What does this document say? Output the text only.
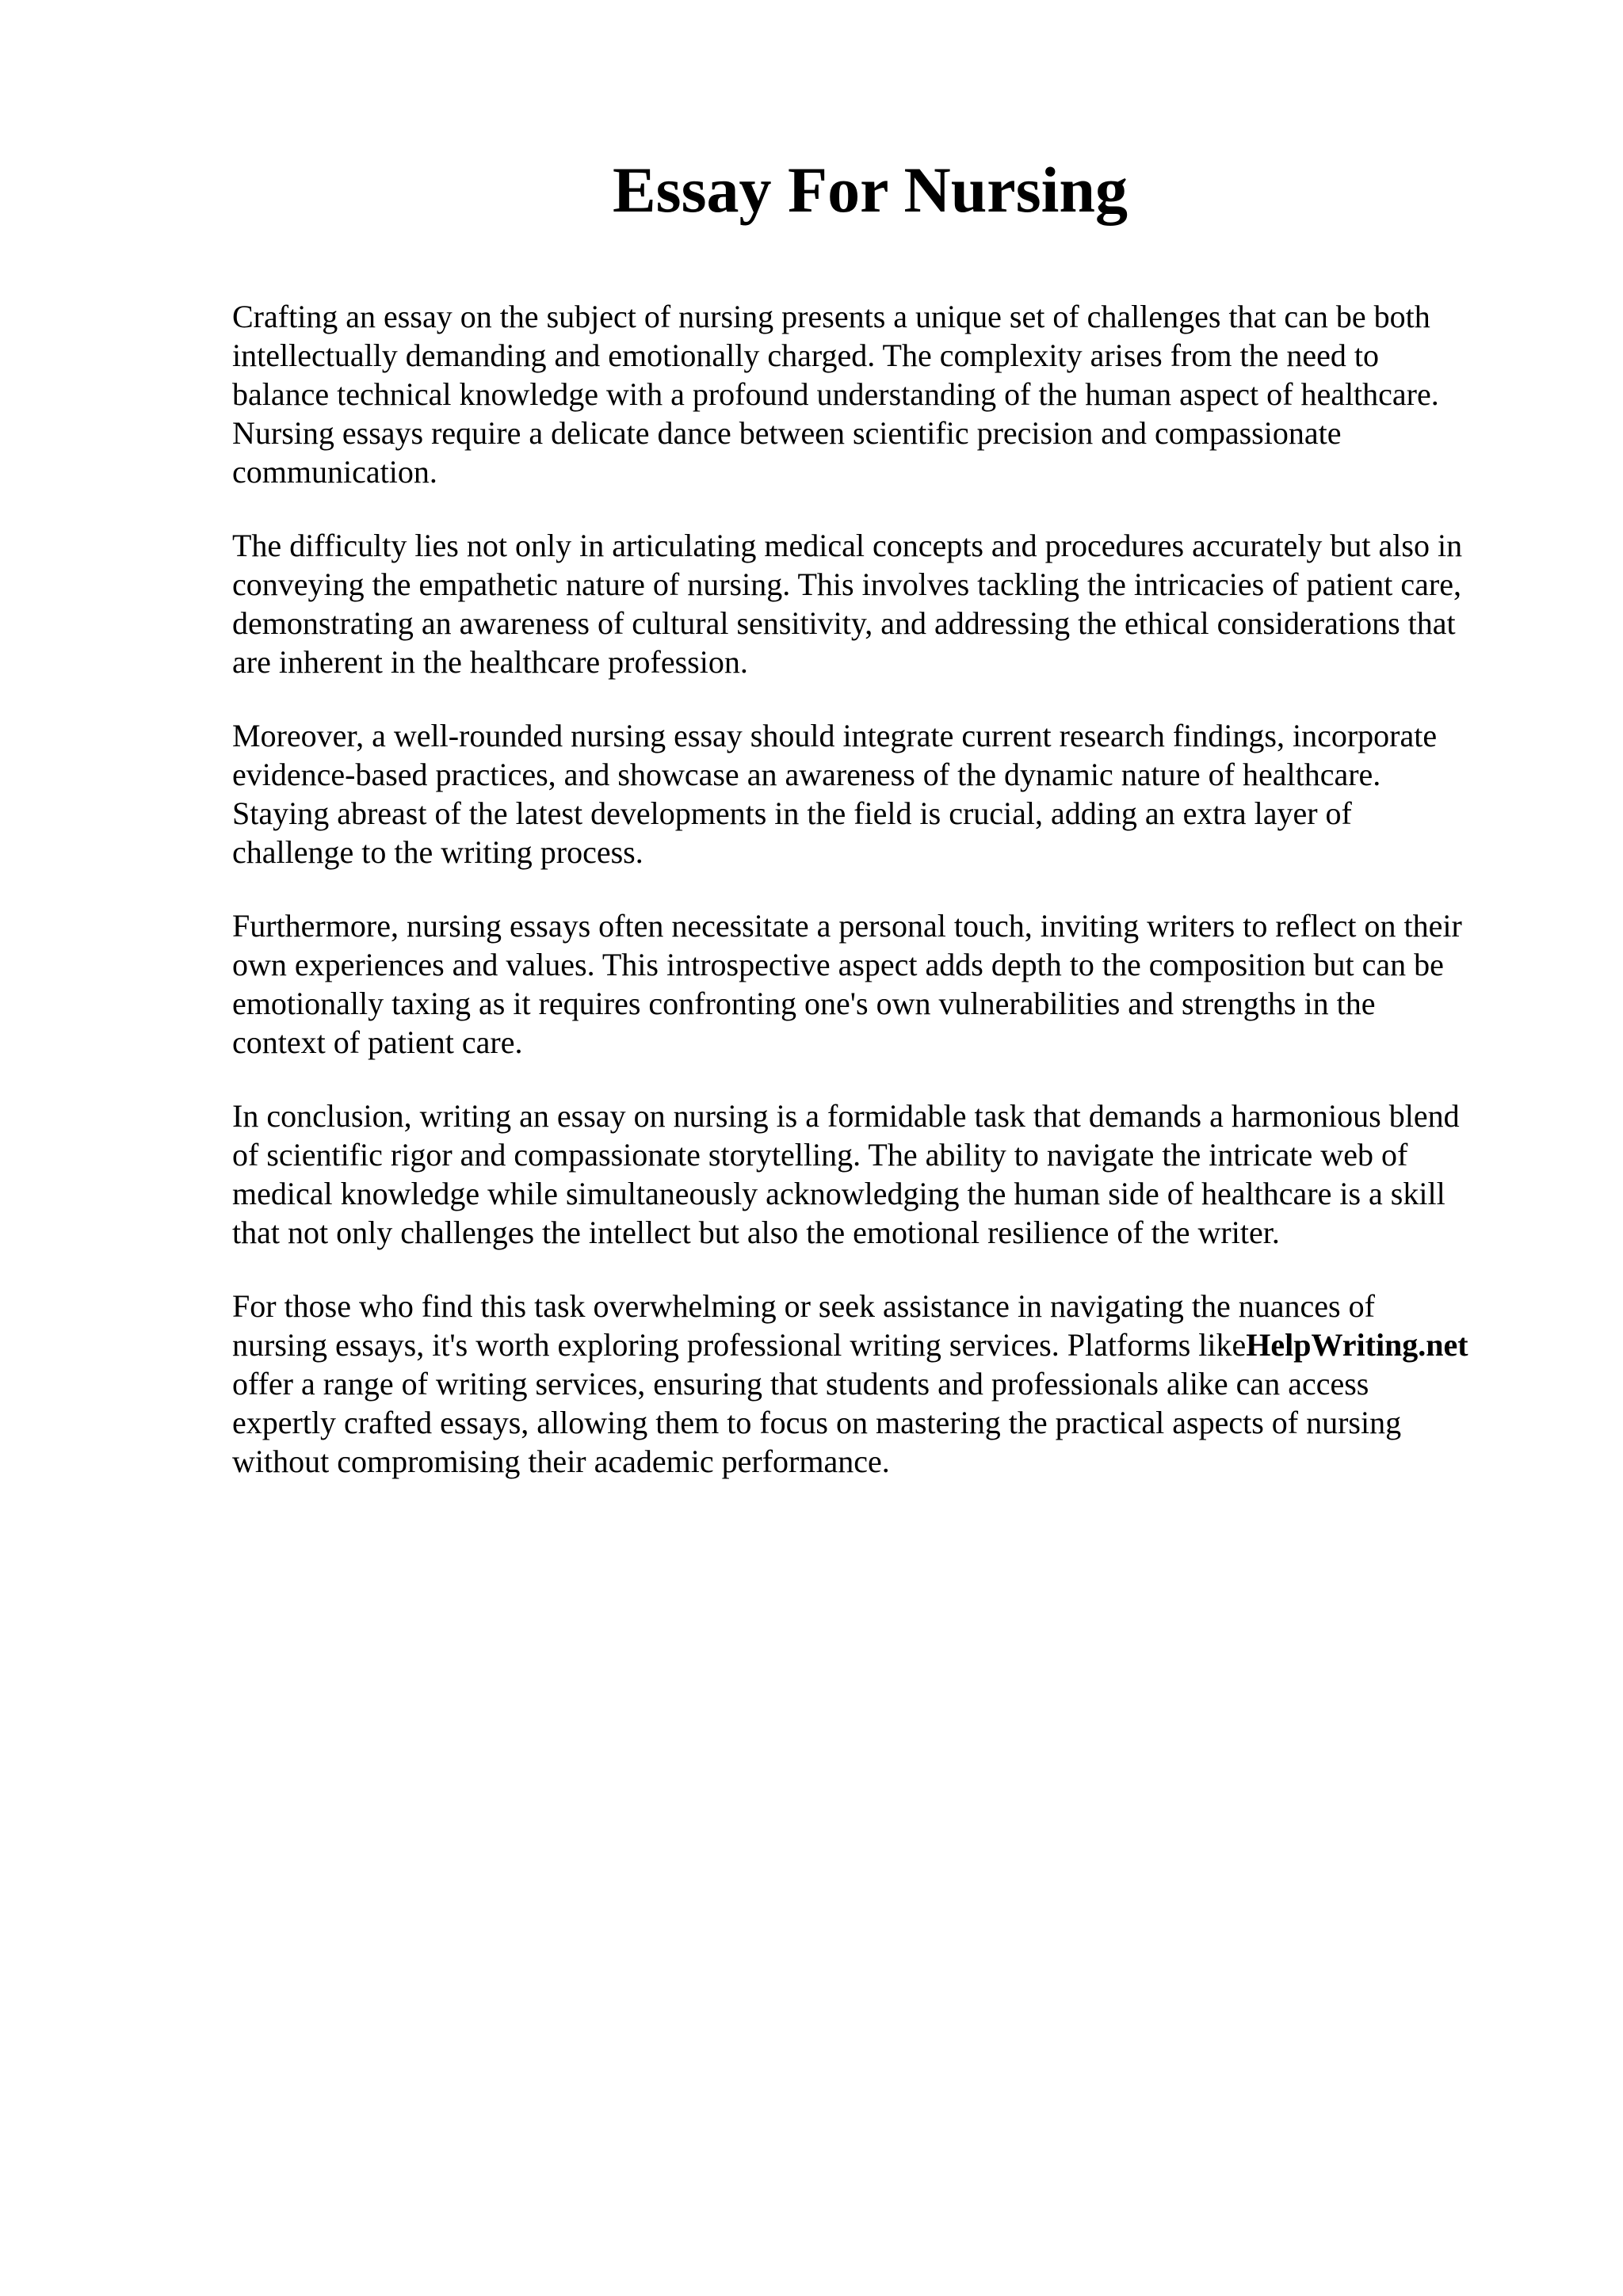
Essay For Nursing

Crafting an essay on the subject of nursing presents a unique set of challenges that can be both
intellectually demanding and emotionally charged. The complexity arises from the need to
balance technical knowledge with a profound understanding of the human aspect of healthcare.
Nursing essays require a delicate dance between scientific precision and compassionate
communication.

The difficulty lies not only in articulating medical concepts and procedures accurately but also in
conveying the empathetic nature of nursing. This involves tackling the intricacies of patient care,
demonstrating an awareness of cultural sensitivity, and addressing the ethical considerations that
are inherent in the healthcare profession.

Moreover, a well-rounded nursing essay should integrate current research findings, incorporate
evidence-based practices, and showcase an awareness of the dynamic nature of healthcare.
Staying abreast of the latest developments in the field is crucial, adding an extra layer of
challenge to the writing process.

Furthermore, nursing essays often necessitate a personal touch, inviting writers to reflect on their
own experiences and values. This introspective aspect adds depth to the composition but can be
emotionally taxing as it requires confronting one's own vulnerabilities and strengths in the
context of patient care.

In conclusion, writing an essay on nursing is a formidable task that demands a harmonious blend
of scientific rigor and compassionate storytelling. The ability to navigate the intricate web of
medical knowledge while simultaneously acknowledging the human side of healthcare is a skill
that not only challenges the intellect but also the emotional resilience of the writer.

For those who find this task overwhelming or seek assistance in navigating the nuances of
nursing essays, it's worth exploring professional writing services. Platforms likeHelpWriting.net
offer a range of writing services, ensuring that students and professionals alike can access
expertly crafted essays, allowing them to focus on mastering the practical aspects of nursing
without compromising their academic performance.
